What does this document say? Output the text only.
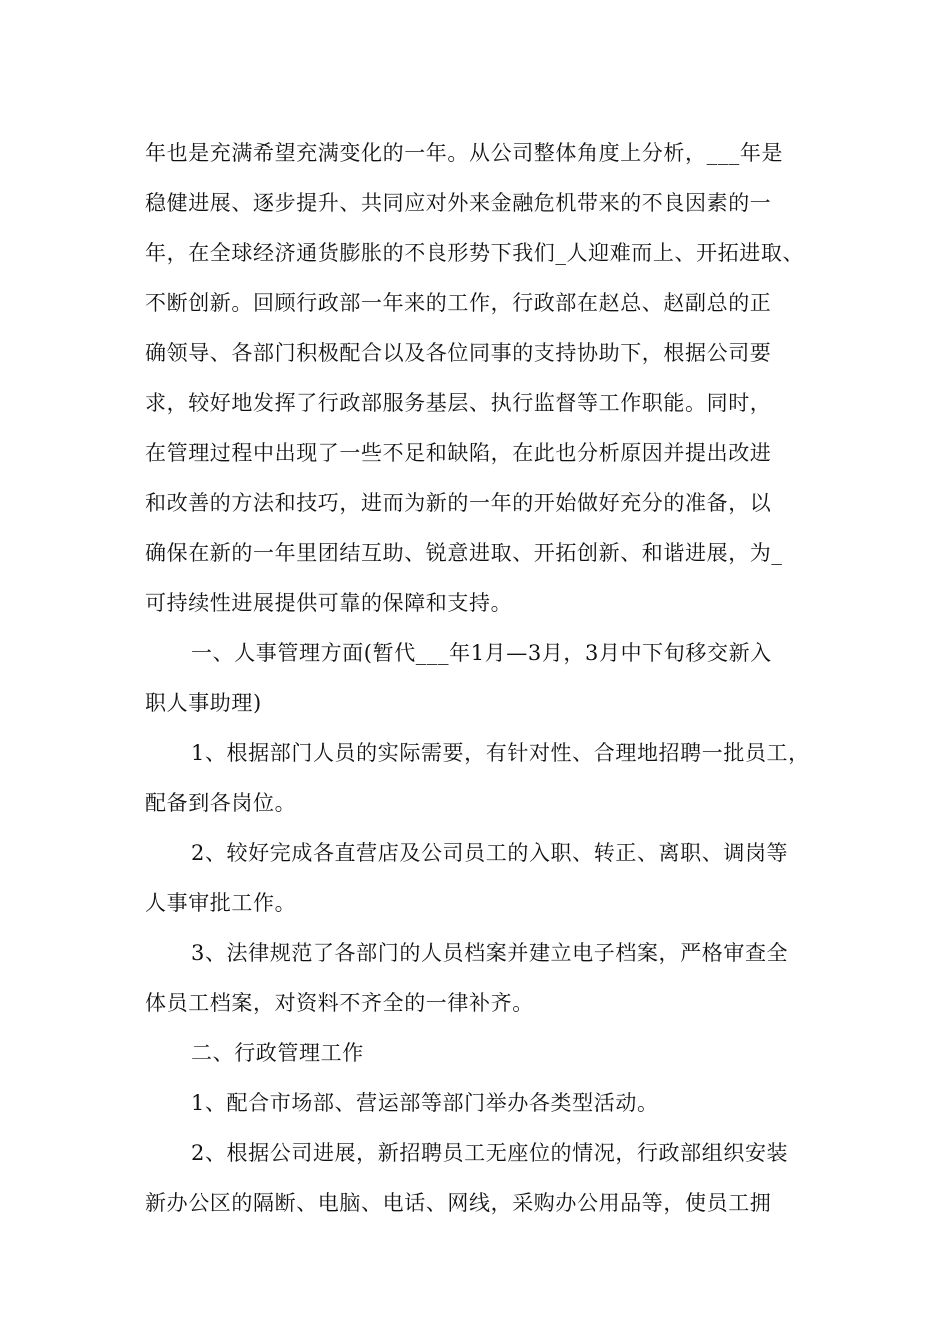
年也是充满希望充满变化的一年。从公司整体角度上分析，___年是
稳健进展、逐步提升、共同应对外来金融危机带来的不良因素的一
年，在全球经济通货膨胀的不良形势下我们_人迎难而上、开拓进取、
不断创新。回顾行政部一年来的工作，行政部在赵总、赵副总的正
确领导、各部门积极配合以及各位同事的支持协助下，根据公司要
求，较好地发挥了行政部服务基层、执行监督等工作职能。同时，
在管理过程中出现了一些不足和缺陷，在此也分析原因并提出改进
和改善的方法和技巧，进而为新的一年的开始做好充分的准备，以
确保在新的一年里团结互助、锐意进取、开拓创新、和谐进展，为_
可持续性进展提供可靠的保障和支持。

一、人事管理方面(暂代___年1月—3月，3月中下旬移交新入
职人事助理)

1、根据部门人员的实际需要，有针对性、合理地招聘一批员工，
配备到各岗位。

2、较好完成各直营店及公司员工的入职、转正、离职、调岗等
人事审批工作。

3、法律规范了各部门的人员档案并建立电子档案，严格审查全
体员工档案，对资料不齐全的一律补齐。

二、行政管理工作

1、配合市场部、营运部等部门举办各类型活动。

2、根据公司进展，新招聘员工无座位的情况，行政部组织安装
新办公区的隔断、电脑、电话、网线，采购办公用品等，使员工拥
